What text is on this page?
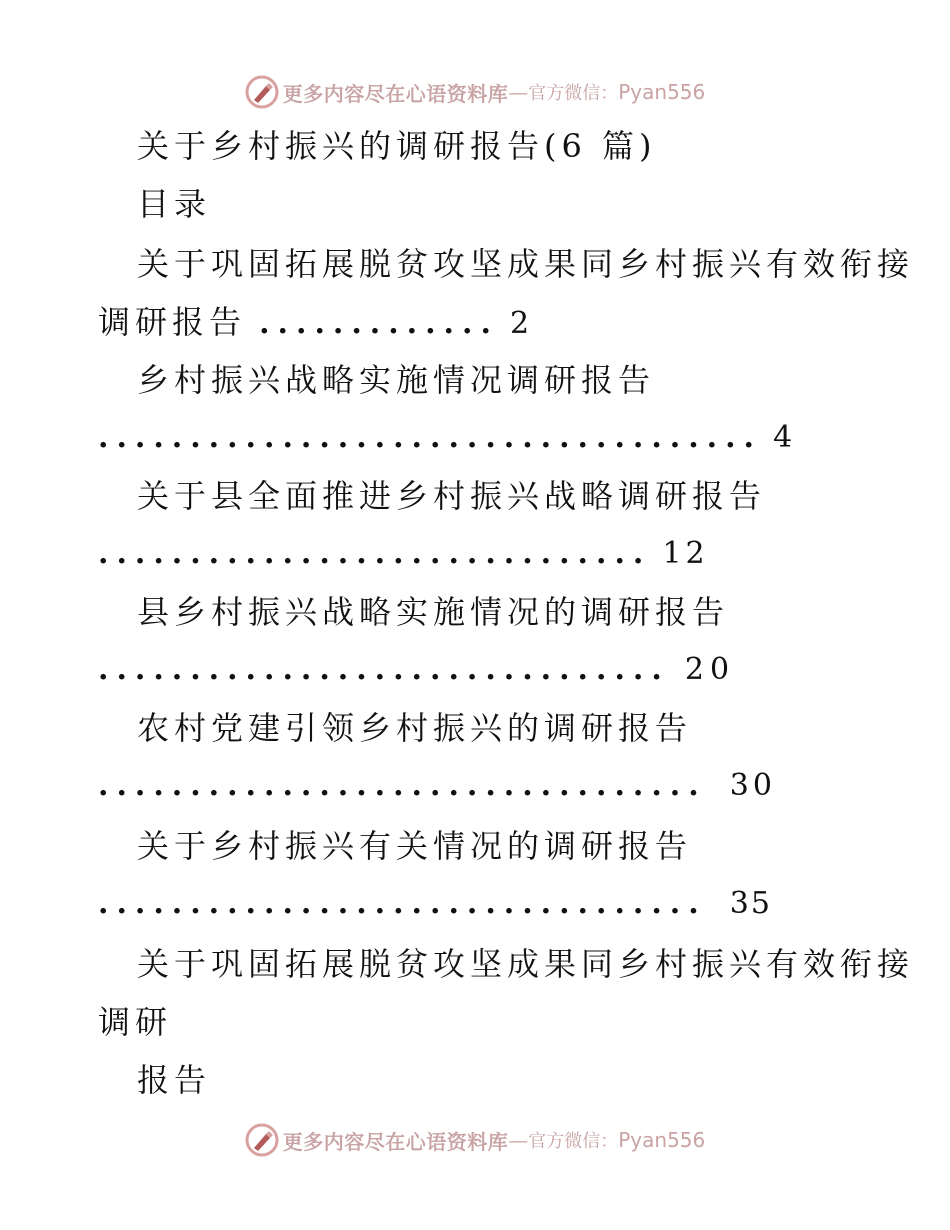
更多内容尽在心语资料库 — 官方微信： Pyan556
关于乡村振兴的调研报告(6 篇)
目录
关于巩固拓展脱贫攻坚成果同乡村振兴有效衔接
调研报告 ............. 2
乡村振兴战略实施情况调研报告
.................................... 4
关于县全面推进乡村振兴战略调研报告
.............................. 12
县乡村振兴战略实施情况的调研报告
............................... 20
农村党建引领乡村振兴的调研报告
................................. 30
关于乡村振兴有关情况的调研报告
................................. 35
关于巩固拓展脱贫攻坚成果同乡村振兴有效衔接
调研
报告
更多内容尽在心语资料库 — 官方微信： Pyan556
